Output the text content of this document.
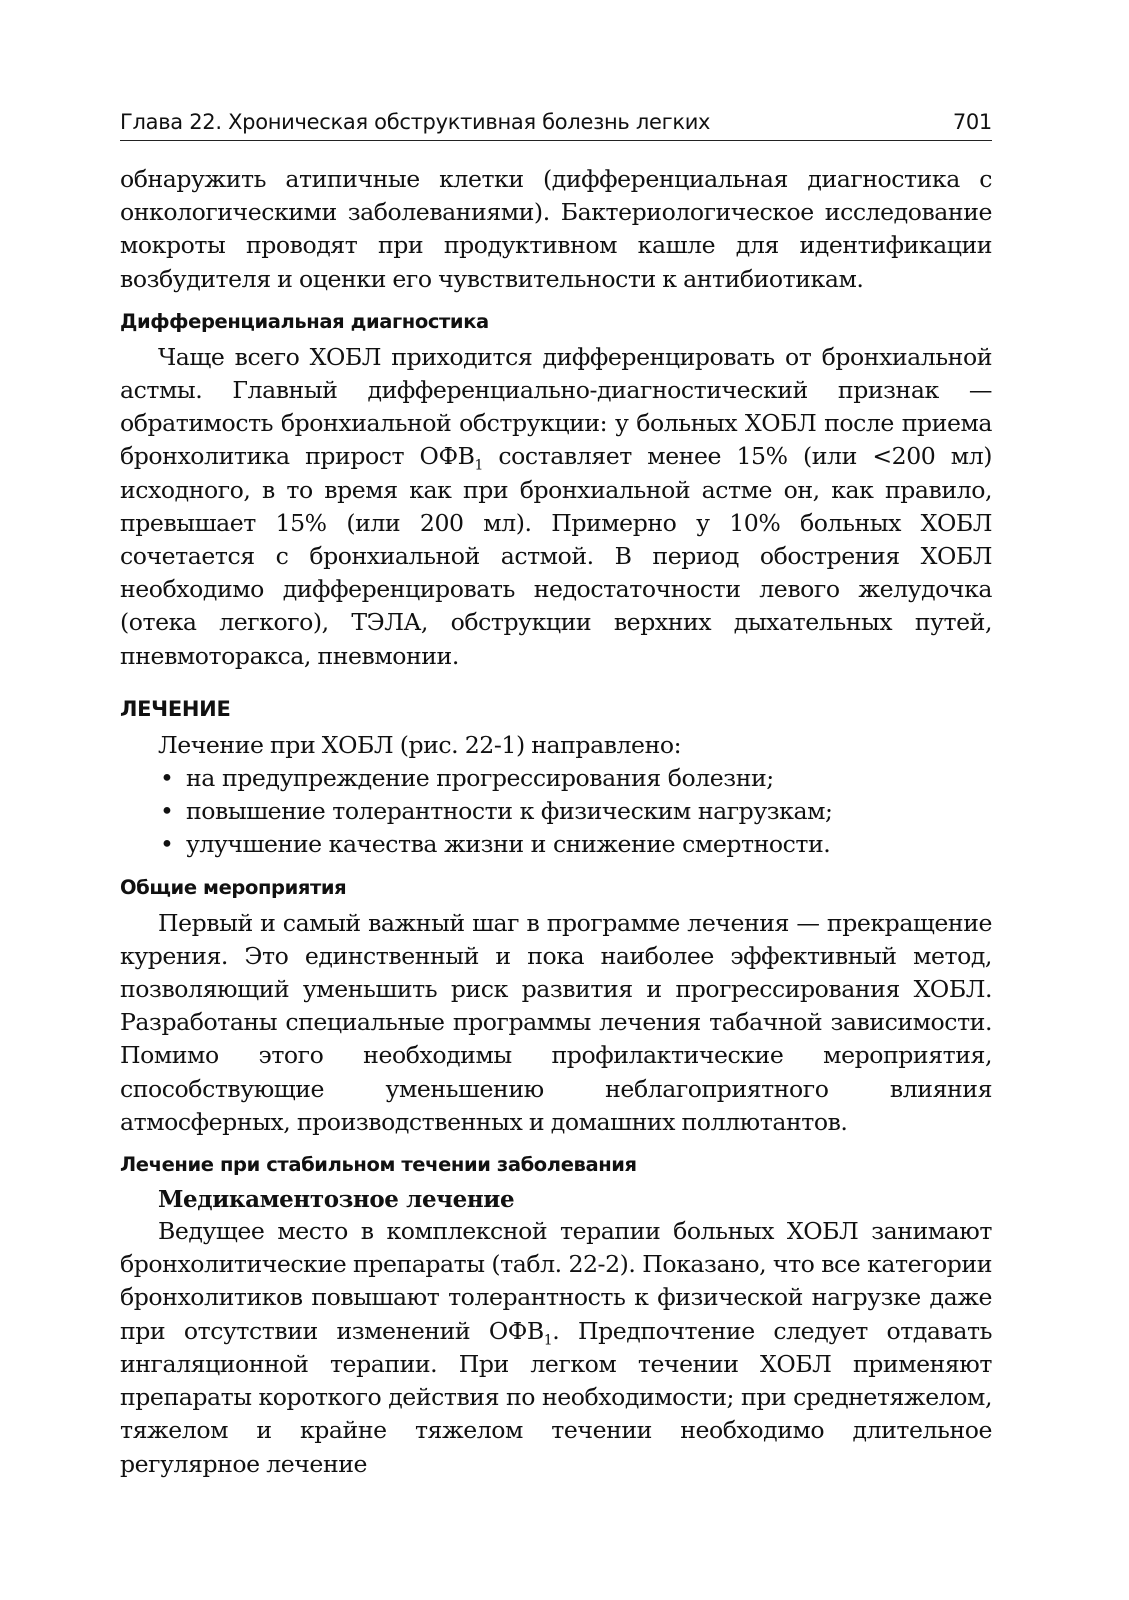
Глава 22. Хроническая обструктивная болезнь легких	701

обнаружить атипичные клетки (дифференциальная диагностика с онкологическими заболеваниями). Бактериологическое исследование мокроты проводят при продуктивном кашле для идентификации возбудителя и оценки его чувствительности к антибиотикам.

Дифференциальная диагностика

Чаще всего ХОБЛ приходится дифференцировать от бронхиальной астмы. Главный дифференциально-диагностический признак — обратимость бронхиальной обструкции: у больных ХОБЛ после приема бронхолитика прирост $ОФВ_1$ составляет менее 15% (или <200 мл) исходного, в то время как при бронхиальной астме он, как правило, превышает 15% (или 200 мл). Примерно у 10% больных ХОБЛ сочетается с бронхиальной астмой. В период обострения ХОБЛ необходимо дифференцировать недостаточности левого желудочка (отека легкого), ТЭЛА, обструкции верхних дыхательных путей, пневмоторакса, пневмонии.

ЛЕЧЕНИЕ

Лечение при ХОБЛ (рис. 22-1) направлено:

• на предупреждение прогрессирования болезни;
• повышение толерантности к физическим нагрузкам;
• улучшение качества жизни и снижение смертности.
Общие мероприятия

Первый и самый важный шаг в программе лечения — прекращение курения. Это единственный и пока наиболее эффективный метод, позволяющий уменьшить риск развития и прогрессирования ХОБЛ. Разработаны специальные программы лечения табачной зависимости. Помимо этого необходимы профилактические мероприятия, способствующие уменьшению неблагоприятного влияния атмосферных, производственных и домашних поллютантов.

Лечение при стабильном течении заболевания
Медикаментозное лечение

Ведущее место в комплексной терапии больных ХОБЛ занимают бронхолитические препараты (табл. 22-2). Показано, что все категории бронхолитиков повышают толерантность к физической нагрузке даже при отсутствии изменений $ОФВ_1$. Предпочтение следует отдавать ингаляционной терапии. При легком течении ХОБЛ применяют препараты короткого действия по необходимости; при среднетяжелом, тяжелом и крайне тяжелом течении необходимо длительное регулярное лечение
